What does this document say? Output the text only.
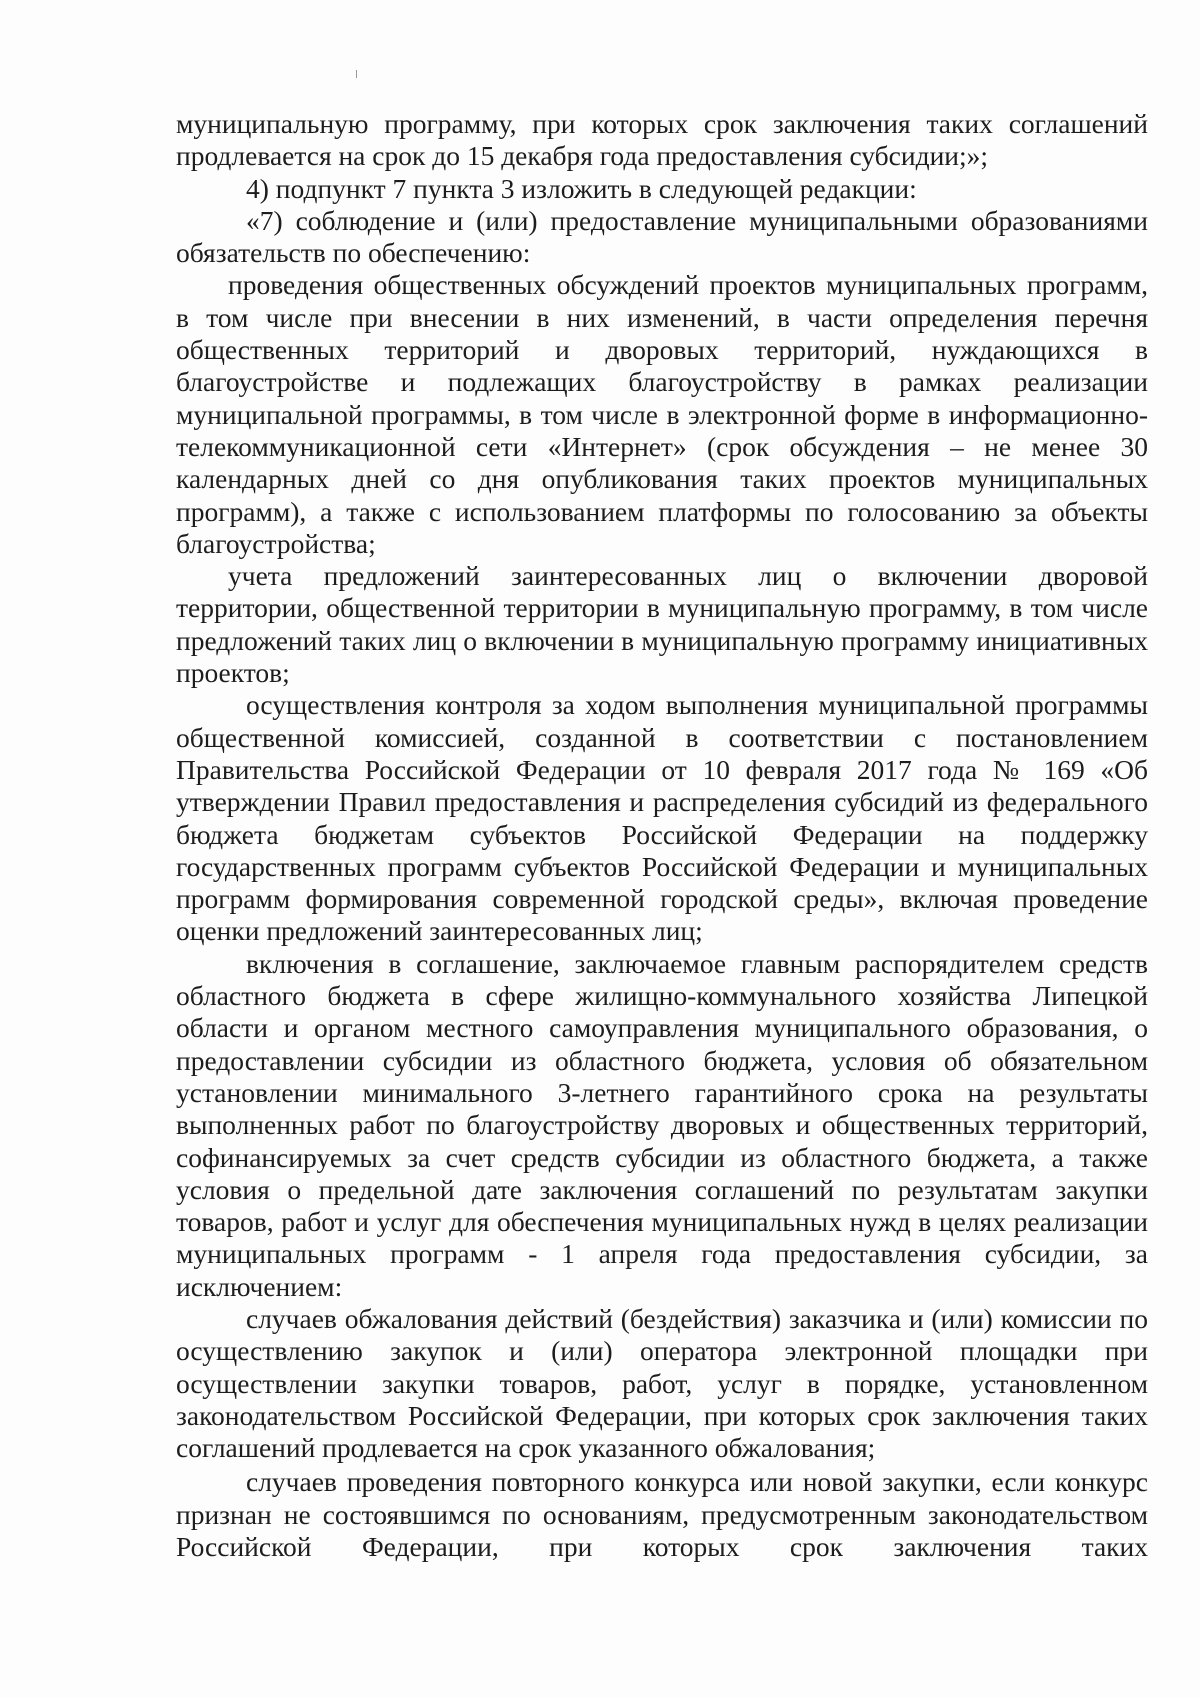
муниципальную программу, при которых срок заключения таких соглашений продлевается на срок до 15 декабря года предоставления субсидии;»;

4) подпункт 7 пункта 3 изложить в следующей редакции:

«7) соблюдение и (или) предоставление муниципальными образованиями обязательств по обеспечению:

проведения общественных обсуждений проектов муниципальных программ, в том числе при внесении в них изменений, в части определения перечня общественных территорий и дворовых территорий, нуждающихся в благоустройстве и подлежащих благоустройству в рамках реализации муниципальной программы, в том числе в электронной форме в информационно-телекоммуникационной сети «Интернет» (срок обсуждения – не менее 30 календарных дней со дня опубликования таких проектов муниципальных программ), а также с использованием платформы по голосованию за объекты благоустройства;

учета предложений заинтересованных лиц о включении дворовой территории, общественной территории в муниципальную программу, в том числе предложений таких лиц о включении в муниципальную программу инициативных проектов;

осуществления контроля за ходом выполнения муниципальной программы общественной комиссией, созданной в соответствии с постановлением Правительства Российской Федерации от 10 февраля 2017 года № 169 «Об утверждении Правил предоставления и распределения субсидий из федерального бюджета бюджетам субъектов Российской Федерации на поддержку государственных программ субъектов Российской Федерации и муниципальных программ формирования современной городской среды», включая проведение оценки предложений заинтересованных лиц;

включения в соглашение, заключаемое главным распорядителем средств областного бюджета в сфере жилищно-коммунального хозяйства Липецкой области и органом местного самоуправления муниципального образования, о предоставлении субсидии из областного бюджета, условия об обязательном установлении минимального 3-летнего гарантийного срока на результаты выполненных работ по благоустройству дворовых и общественных территорий, софинансируемых за счет средств субсидии из областного бюджета, а также условия о предельной дате заключения соглашений по результатам закупки товаров, работ и услуг для обеспечения муниципальных нужд в целях реализации муниципальных программ - 1 апреля года предоставления субсидии, за исключением:

случаев обжалования действий (бездействия) заказчика и (или) комиссии по осуществлению закупок и (или) оператора электронной площадки при осуществлении закупки товаров, работ, услуг в порядке, установленном законодательством Российской Федерации, при которых срок заключения таких соглашений продлевается на срок указанного обжалования;

случаев проведения повторного конкурса или новой закупки, если конкурс признан не состоявшимся по основаниям, предусмотренным законодательством Российской Федерации, при которых срок заключения таких
